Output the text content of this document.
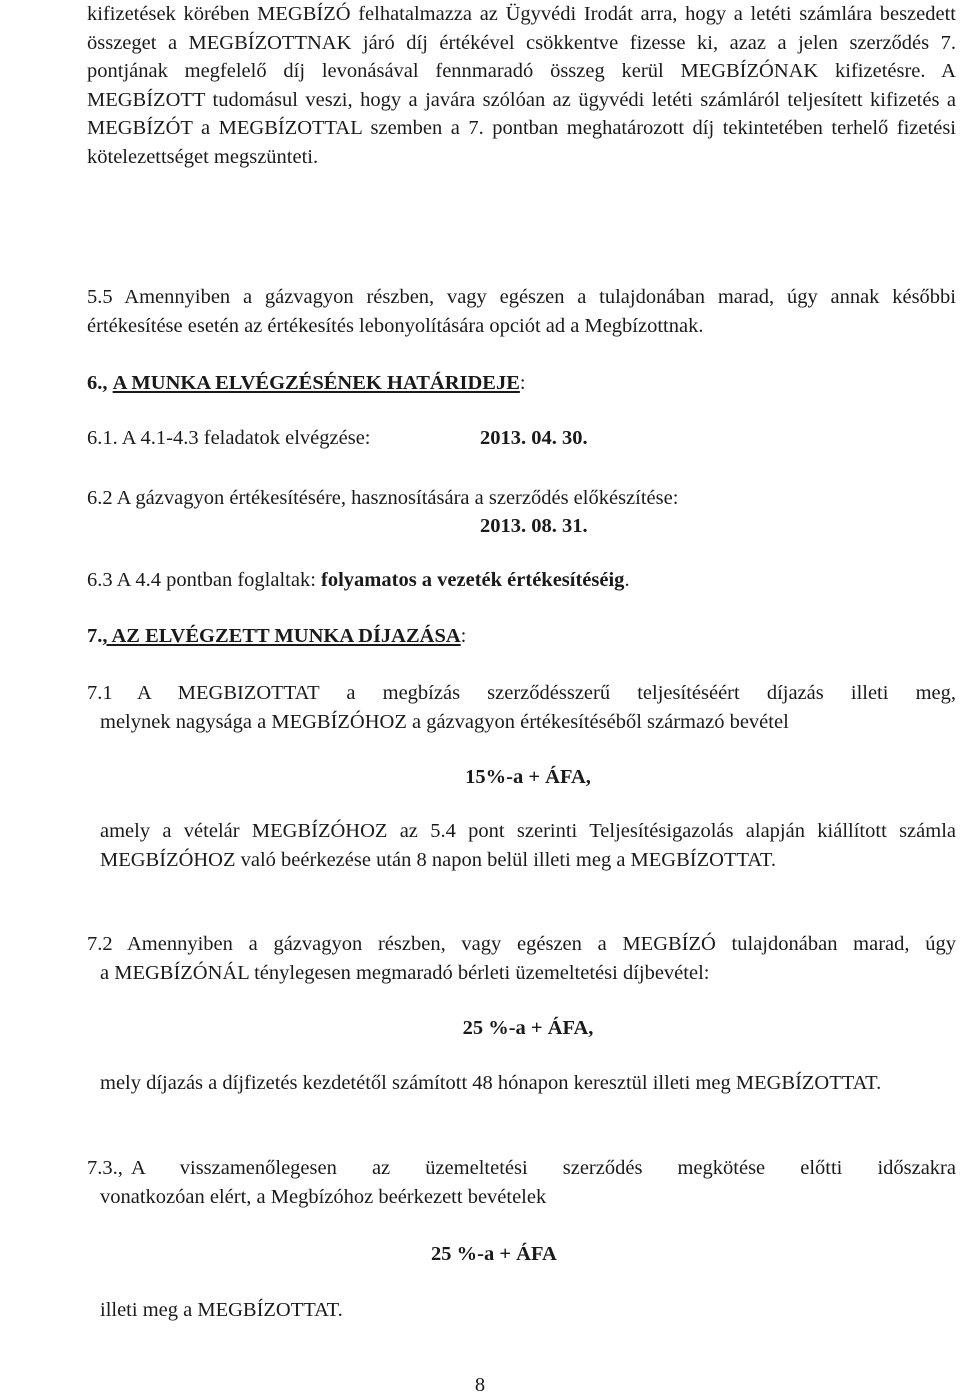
kifizetések körében MEGBÍZÓ felhatalmazza az Ügyvédi Irodát arra, hogy a letéti számlára beszedett összeget a MEGBÍZOTTNAK járó díj értékével csökkentve fizesse ki, azaz a jelen szerződés 7. pontjának megfelelő díj levonásával fennmaradó összeg kerül MEGBÍZÓNAK kifizetésre. A MEGBÍZOTT tudomásul veszi, hogy a javára szólóan az ügyvédi letéti számláról teljesített kifizetés a MEGBÍZÓT a MEGBÍZOTTAL szemben a 7. pontban meghatározott díj tekintetében terhelő fizetési kötelezettséget megszünteti.

5.5 Amennyiben a gázvagyon részben, vagy egészen a tulajdonában marad, úgy annak későbbi értékesítése esetén az értékesítés lebonyolítására opciót ad a Megbízottnak.

6., A MUNKA ELVÉGZÉSÉNEK HATÁRIDEJE:

6.1. A 4.1-4.3 feladatok elvégzése:	2013. 04. 30.

6.2 A gázvagyon értékesítésére, hasznosítására a szerződés előkészítése:

2013. 08. 31.

6.3 A 4.4 pontban foglaltak: folyamatos a vezeték értékesítéséig.

7., AZ ELVÉGZETT MUNKA DÍJAZÁSA:

7.1 A MEGBIZOTTAT a megbízás szerződésszerű teljesítéséért díjazás illeti meg,

melynek nagysága a MEGBÍZÓHOZ a gázvagyon értékesítéséből származó bevétel

15%-a + ÁFA,

amely a vételár MEGBÍZÓHOZ az 5.4 pont szerinti Teljesítésigazolás alapján kiállított számla MEGBÍZÓHOZ való beérkezése után 8 napon belül illeti meg a MEGBÍZOTTAT.

7.2 Amennyiben a gázvagyon részben, vagy egészen a MEGBÍZÓ tulajdonában marad, úgy

a MEGBÍZÓNÁL ténylegesen megmaradó bérleti üzemeltetési díjbevétel:

25 %-a + ÁFA,

mely díjazás a díjfizetés kezdetétől számított 48 hónapon keresztül illeti meg MEGBÍZOTTAT.

7.3., A visszamenőlegesen az üzemeltetési szerződés megkötése előtti időszakra

vonatkozóan elért, a Megbízóhoz beérkezett bevételek

25 %-a + ÁFA

illeti meg a MEGBÍZOTTAT.

8
